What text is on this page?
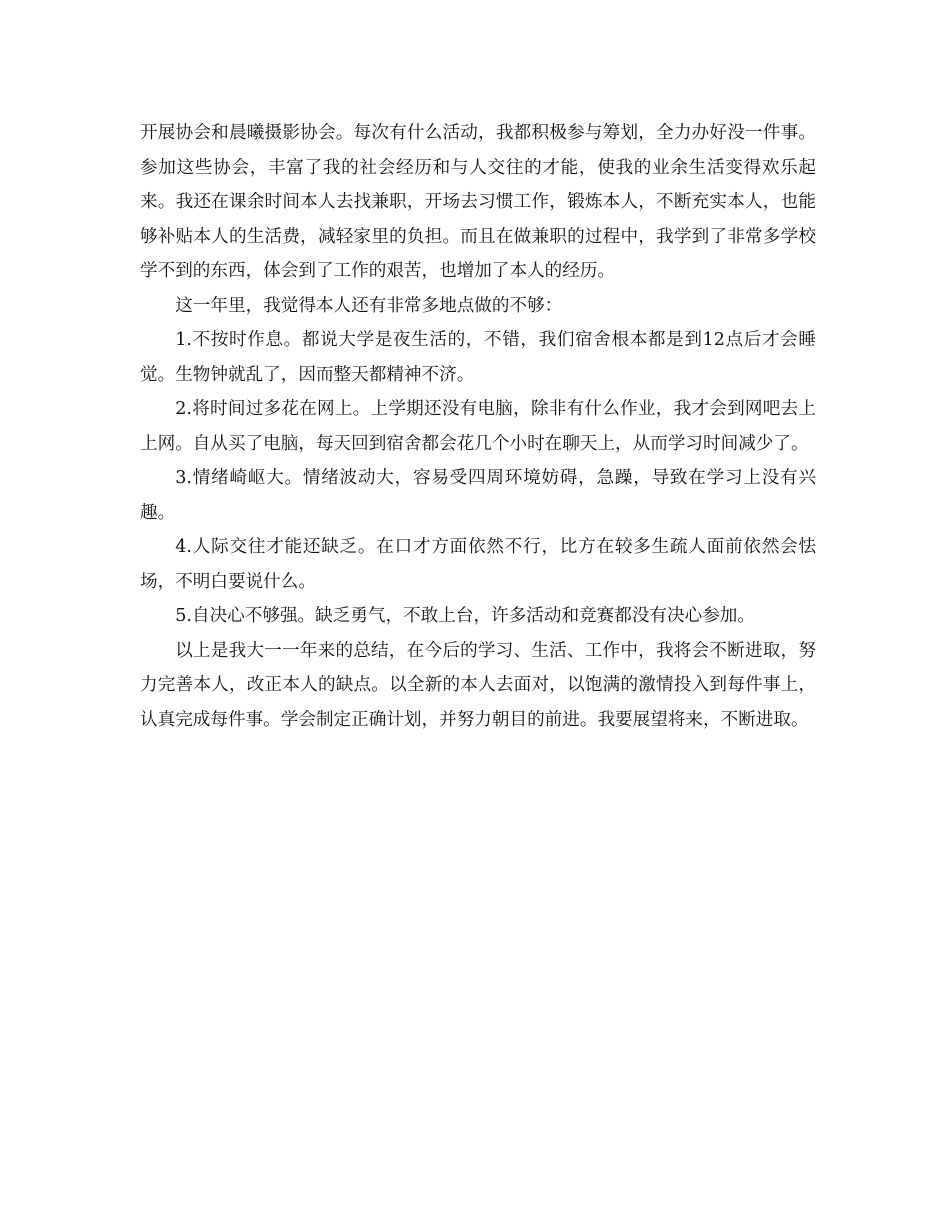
开展协会和晨曦摄影协会。每次有什么活动，我都积极参与筹划，全力办好没一件事。参加这些协会，丰富了我的社会经历和与人交往的才能，使我的业余生活变得欢乐起来。我还在课余时间本人去找兼职，开场去习惯工作，锻炼本人，不断充实本人，也能够补贴本人的生活费，减轻家里的负担。而且在做兼职的过程中，我学到了非常多学校学不到的东西，体会到了工作的艰苦，也增加了本人的经历。

这一年里，我觉得本人还有非常多地点做的不够：

1.不按时作息。都说大学是夜生活的，不错，我们宿舍根本都是到12点后才会睡觉。生物钟就乱了，因而整天都精神不济。

2.将时间过多花在网上。上学期还没有电脑，除非有什么作业，我才会到网吧去上上网。自从买了电脑，每天回到宿舍都会花几个小时在聊天上，从而学习时间减少了。

3.情绪崎岖大。情绪波动大，容易受四周环境妨碍，急躁，导致在学习上没有兴趣。

4.人际交往才能还缺乏。在口才方面依然不行，比方在较多生疏人面前依然会怯场，不明白要说什么。

5.自决心不够强。缺乏勇气，不敢上台，许多活动和竞赛都没有决心参加。

以上是我大一一年来的总结，在今后的学习、生活、工作中，我将会不断进取，努力完善本人，改正本人的缺点。以全新的本人去面对，以饱满的激情投入到每件事上，认真完成每件事。学会制定正确计划，并努力朝目的前进。我要展望将来，不断进取。
